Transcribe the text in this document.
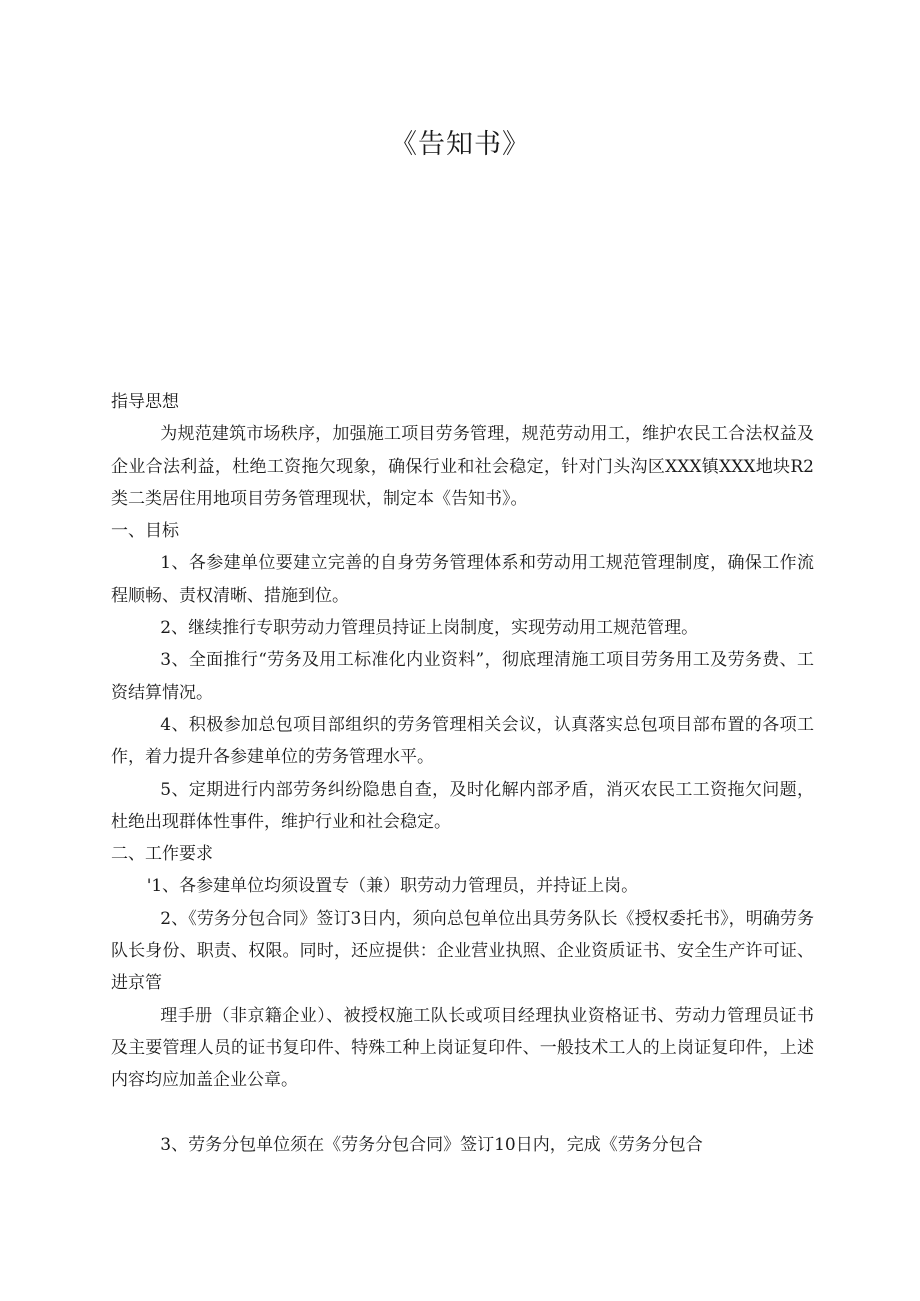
《告知书》

指导思想

为规范建筑市场秩序，加强施工项目劳务管理，规范劳动用工，维护农民工合法权益及企业合法利益，杜绝工资拖欠现象，确保行业和社会稳定，针对门头沟区XXX镇XXX地块R2类二类居住用地项目劳务管理现状，制定本《告知书》。

一、目标

1、各参建单位要建立完善的自身劳务管理体系和劳动用工规范管理制度，确保工作流程顺畅、责权清晰、措施到位。

2、继续推行专职劳动力管理员持证上岗制度，实现劳动用工规范管理。

3、全面推行“劳务及用工标准化内业资料”，彻底理清施工项目劳务用工及劳务费、工资结算情况。

4、积极参加总包项目部组织的劳务管理相关会议，认真落实总包项目部布置的各项工作，着力提升各参建单位的劳务管理水平。

5、定期进行内部劳务纠纷隐患自查，及时化解内部矛盾，消灭农民工工资拖欠问题，杜绝出现群体性事件，维护行业和社会稳定。

二、工作要求

'1、各参建单位均须设置专（兼）职劳动力管理员，并持证上岗。

2、《劳务分包合同》签订3日内，须向总包单位出具劳务队长《授权委托书》，明确劳务队长身份、职责、权限。同时，还应提供：企业营业执照、企业资质证书、安全生产许可证、进京管

理手册（非京籍企业）、被授权施工队长或项目经理执业资格证书、劳动力管理员证书及主要管理人员的证书复印件、特殊工种上岗证复印件、一般技术工人的上岗证复印件，上述内容均应加盖企业公章。

3、劳务分包单位须在《劳务分包合同》签订10日内，完成《劳务分包合
